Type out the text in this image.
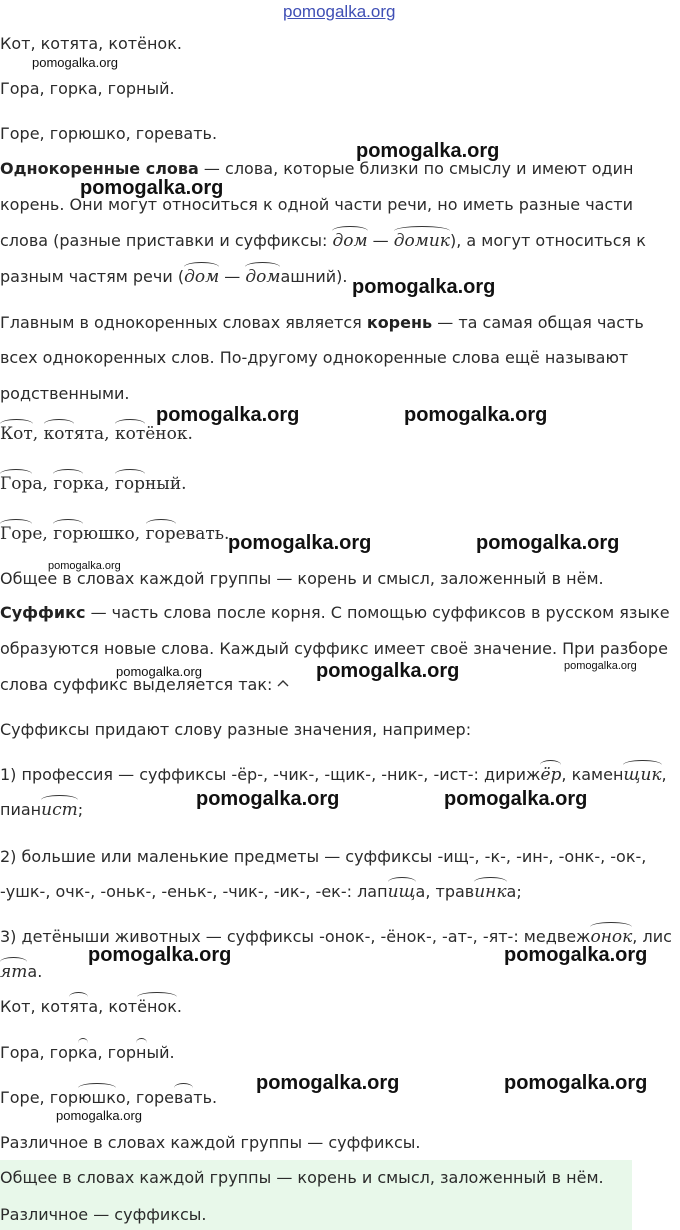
pomogalka.org
Кот, котята, котёнок.
Гора, горка, горный.
Горе, горюшко, горевать.
Однокоренные слова — слова, которые близки по смыслу и имеют один
корень. Они могут относиться к одной части речи, но иметь разные части
слова (разные приставки и суффиксы: дом — домик), а могут относиться к
разным частям речи (дом — домашний).
Главным в однокоренных словах является корень — та самая общая часть
всех однокоренных слов. По-другому однокоренные слова ещё называют
родственными.
Кот, котята, котёнок.
Гора, горка, горный.
Горе, горюшко, горевать.
Общее в словах каждой группы — корень и смысл, заложенный в нём.
Суффикс — часть слова после корня. С помощью суффиксов в русском языке
образуются новые слова. Каждый суффикс имеет своё значение. При разборе
слова суффикс выделяется так:
Суффиксы придают слову разные значения, например:
1) профессия — суффиксы -ёр-, -чик-, -щик-, -ник-, -ист-: дирижёр, каменщик,
пианист;
2) большие или маленькие предметы — суффиксы -ищ-, -к-, -ин-, -онк-, -ок-,
-ушк-, очк-, -оньк-, -еньк-, -чик-, -ик-, -ек-: лапища, травинка;
3) детёныши животных — суффиксы -онок-, -ёнок-, -ат-, -ят-: медвежонок, лис
ята.
Кот, котята, котёнок.
Гора, горка, горный.
Горе, горюшко, горевать.
Различное в словах каждой группы — суффиксы.
Общее в словах каждой группы — корень и смысл, заложенный в нём.
Различное — суффиксы.
pomogalka.org
pomogalka.org
pomogalka.org
pomogalka.org
pomogalka.org	pomogalka.org
pomogalka.org	pomogalka.org
pomogalka.org
pomogalka.org	pomogalka.org	pomogalka.org
pomogalka.org	pomogalka.org
pomogalka.org	pomogalka.org
pomogalka.org	pomogalka.org
pomogalka.org
